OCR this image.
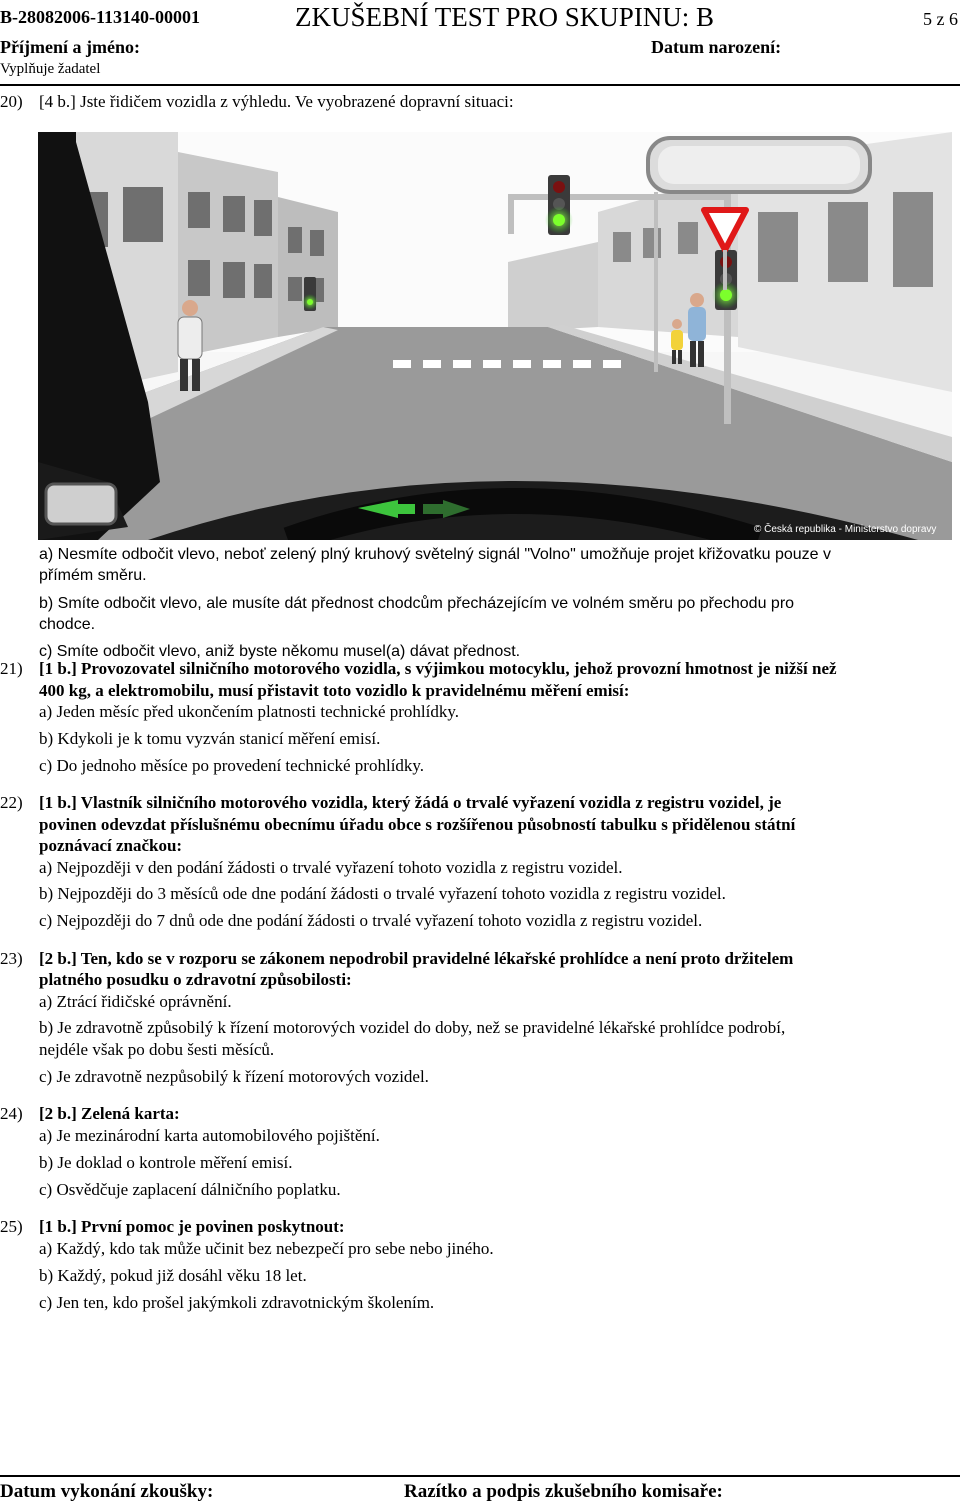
B-28082006-113140-00001	ZKUŠEBNÍ TEST PRO SKUPINU: B	5 z 6
Příjmení a jméno:	Datum narození:
Vyplňuje žadatel
20) [4 b.] Jste řidičem vozidla z výhledu. Ve vyobrazené dopravní situaci:
© Česká republika - Ministerstvo dopravy
a) Nesmíte odbočit vlevo, neboť zelený plný kruhový světelný signál "Volno" umožňuje projet křižovatku pouze v
přímém směru.
b) Smíte odbočit vlevo, ale musíte dát přednost chodcům přecházejícím ve volném směru po přechodu pro
chodce.
c) Smíte odbočit vlevo, aniž byste někomu musel(a) dávat přednost.
21) [1 b.] Provozovatel silničního motorového vozidla, s výjimkou motocyklu, jehož provozní hmotnost je nižší než
400 kg, a elektromobilu, musí přistavit toto vozidlo k pravidelnému měření emisí:
a) Jeden měsíc před ukončením platnosti technické prohlídky.
b) Kdykoli je k tomu vyzván stanicí měření emisí.
c) Do jednoho měsíce po provedení technické prohlídky.
22) [1 b.] Vlastník silničního motorového vozidla, který žádá o trvalé vyřazení vozidla z registru vozidel, je
povinen odevzdat příslušnému obecnímu úřadu obce s rozšířenou působností tabulku s přidělenou státní
poznávací značkou:
a) Nejpozději v den podání žádosti o trvalé vyřazení tohoto vozidla z registru vozidel.
b) Nejpozději do 3 měsíců ode dne podání žádosti o trvalé vyřazení tohoto vozidla z registru vozidel.
c) Nejpozději do 7 dnů ode dne podání žádosti o trvalé vyřazení tohoto vozidla z registru vozidel.
23) [2 b.] Ten, kdo se v rozporu se zákonem nepodrobil pravidelné lékařské prohlídce a není proto držitelem
platného posudku o zdravotní způsobilosti:
a) Ztrácí řidičské oprávnění.
b) Je zdravotně způsobilý k řízení motorových vozidel do doby, než se pravidelné lékařské prohlídce podrobí,
nejdéle však po dobu šesti měsíců.
c) Je zdravotně nezpůsobilý k řízení motorových vozidel.
24) [2 b.] Zelená karta:
a) Je mezinárodní karta automobilového pojištění.
b) Je doklad o kontrole měření emisí.
c) Osvědčuje zaplacení dálničního poplatku.
25) [1 b.] První pomoc je povinen poskytnout:
a) Každý, kdo tak může učinit bez nebezpečí pro sebe nebo jiného.
b) Každý, pokud již dosáhl věku 18 let.
c) Jen ten, kdo prošel jakýmkoli zdravotnickým školením.
Datum vykonání zkoušky:	Razítko a podpis zkušebního komisaře:
